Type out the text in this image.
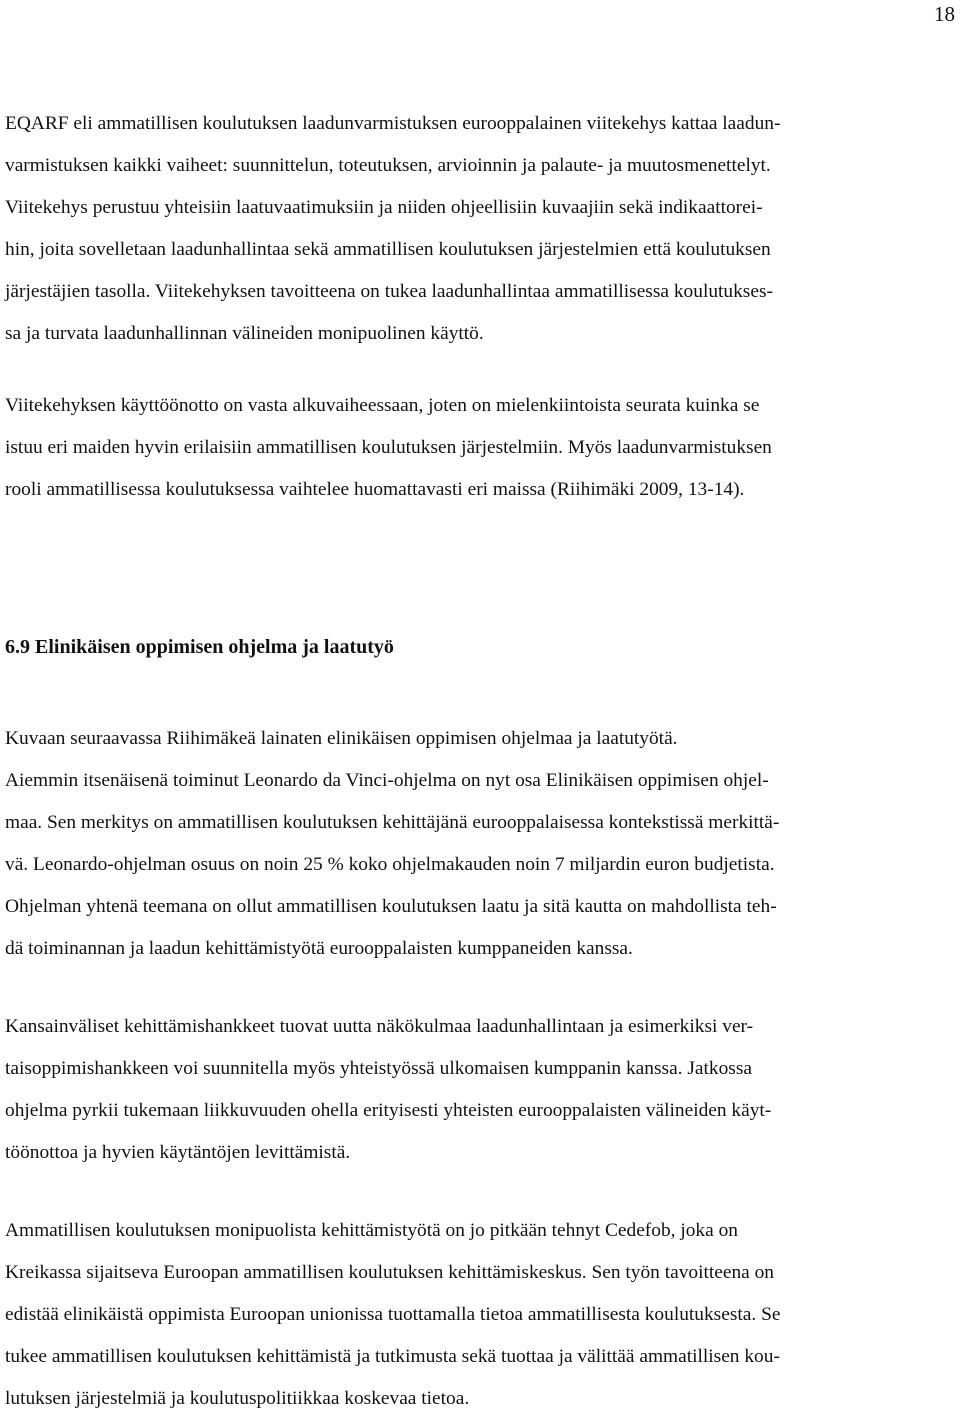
18

EQARF eli ammatillisen koulutuksen laadunvarmistuksen eurooppalainen viitekehys kattaa laadun-
varmistuksen kaikki vaiheet: suunnittelun, toteutuksen, arvioinnin ja palaute- ja muutosmenettelyt.
Viitekehys perustuu yhteisiin laatuvaatimuksiin ja niiden ohjeellisiin kuvaajiin sekä indikaattorei-
hin, joita sovelletaan laadunhallintaa sekä ammatillisen koulutuksen järjestelmien että koulutuksen
järjestäjien tasolla. Viitekehyksen tavoitteena on tukea laadunhallintaa ammatillisessa koulutukses-
sa ja turvata laadunhallinnan välineiden monipuolinen käyttö.

Viitekehyksen käyttöönotto on vasta alkuvaiheessaan, joten on mielenkiintoista seurata kuinka se
istuu eri maiden hyvin erilaisiin ammatillisen koulutuksen järjestelmiin. Myös laadunvarmistuksen
rooli ammatillisessa koulutuksessa vaihtelee huomattavasti eri maissa (Riihimäki 2009, 13-14).

6.9 Elinikäisen oppimisen ohjelma ja laatutyö

Kuvaan seuraavassa Riihimäkeä lainaten elinikäisen oppimisen ohjelmaa ja laatutyötä.
Aiemmin itsenäisenä toiminut Leonardo da Vinci-ohjelma on nyt osa Elinikäisen oppimisen ohjel-
maa. Sen merkitys on ammatillisen koulutuksen kehittäjänä eurooppalaisessa kontekstissä merkittä-
vä. Leonardo-ohjelman osuus on noin 25 % koko ohjelmakauden noin 7 miljardin euron budjetista.
Ohjelman yhtenä teemana on ollut ammatillisen koulutuksen laatu ja sitä kautta on mahdollista teh-
dä toiminannan ja laadun kehittämistyötä eurooppalaisten kumppaneiden kanssa.

Kansainväliset kehittämishankkeet tuovat uutta näkökulmaa laadunhallintaan ja esimerkiksi ver-
taisoppimishankkeen voi suunnitella myös yhteistyössä ulkomaisen kumppanin kanssa. Jatkossa
ohjelma pyrkii tukemaan liikkuvuuden ohella erityisesti yhteisten eurooppalaisten välineiden käyt-
töönottoa ja hyvien käytäntöjen levittämistä.

Ammatillisen koulutuksen monipuolista kehittämistyötä on jo pitkään tehnyt Cedefob, joka on
Kreikassa sijaitseva Euroopan ammatillisen koulutuksen kehittämiskeskus. Sen työn tavoitteena on
edistää elinikäistä oppimista Euroopan unionissa tuottamalla tietoa ammatillisesta koulutuksesta. Se
tukee ammatillisen koulutuksen kehittämistä ja tutkimusta sekä tuottaa ja välittää ammatillisen kou-
lutuksen järjestelmiä ja koulutuspolitiikkaa koskevaa tietoa.
